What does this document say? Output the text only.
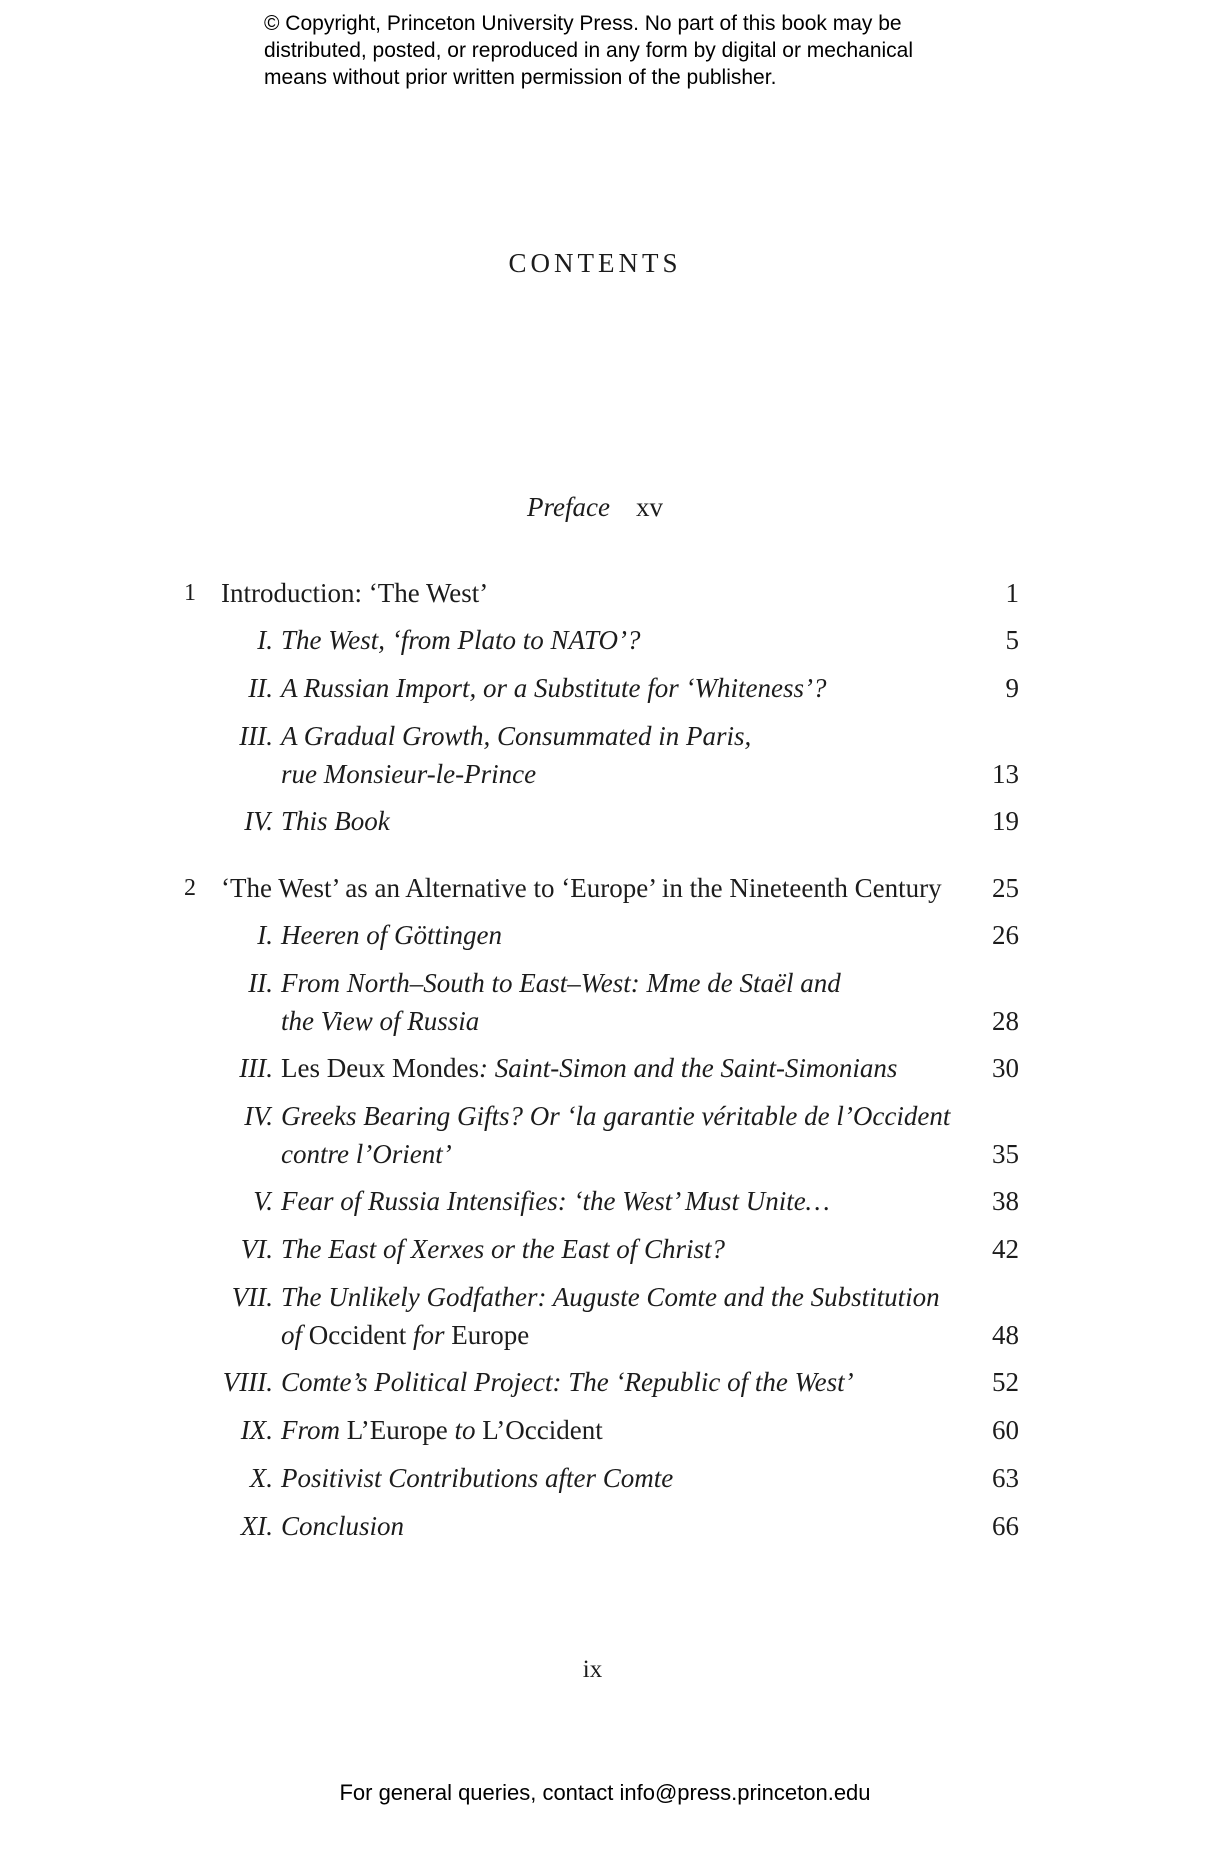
© Copyright, Princeton University Press. No part of this book may be
distributed, posted, or reproduced in any form by digital or mechanical
means without prior written permission of the publisher.
CONTENTS
Preface xv
1 Introduction: ‘The West’	1
I. The West, ‘from Plato to NATO’?	5
II. A Russian Import, or a Substitute for ‘Whiteness’?	9
III. A Gradual Growth, Consummated in Paris,
rue Monsieur-le-Prince	13
IV. This Book	19
2 ‘The West’ as an Alternative to ‘Europe’ in the Nineteenth Century 25
I. Heeren of Göttingen	26
II. From North–South to East–West: Mme de Staël and
the View of Russia	28
III. Les Deux Mondes: Saint-Simon and the Saint-Simonians	30
IV. Greeks Bearing Gifts? Or ‘la garantie véritable de l’Occident
contre l’Orient’	35
V. Fear of Russia Intensifies: ‘the West’ Must Unite…	38
VI. The East of Xerxes or the East of Christ?	42
VII. The Unlikely Godfather: Auguste Comte and the Substitution
of Occident for Europe	48
VIII. Comte’s Political Project: The ‘Republic of the West’	52
IX. From L’Europe to L’Occident	60
X. Positivist Contributions after Comte	63
XI. Conclusion	66
ix
For general queries, contact info@press.princeton.edu
